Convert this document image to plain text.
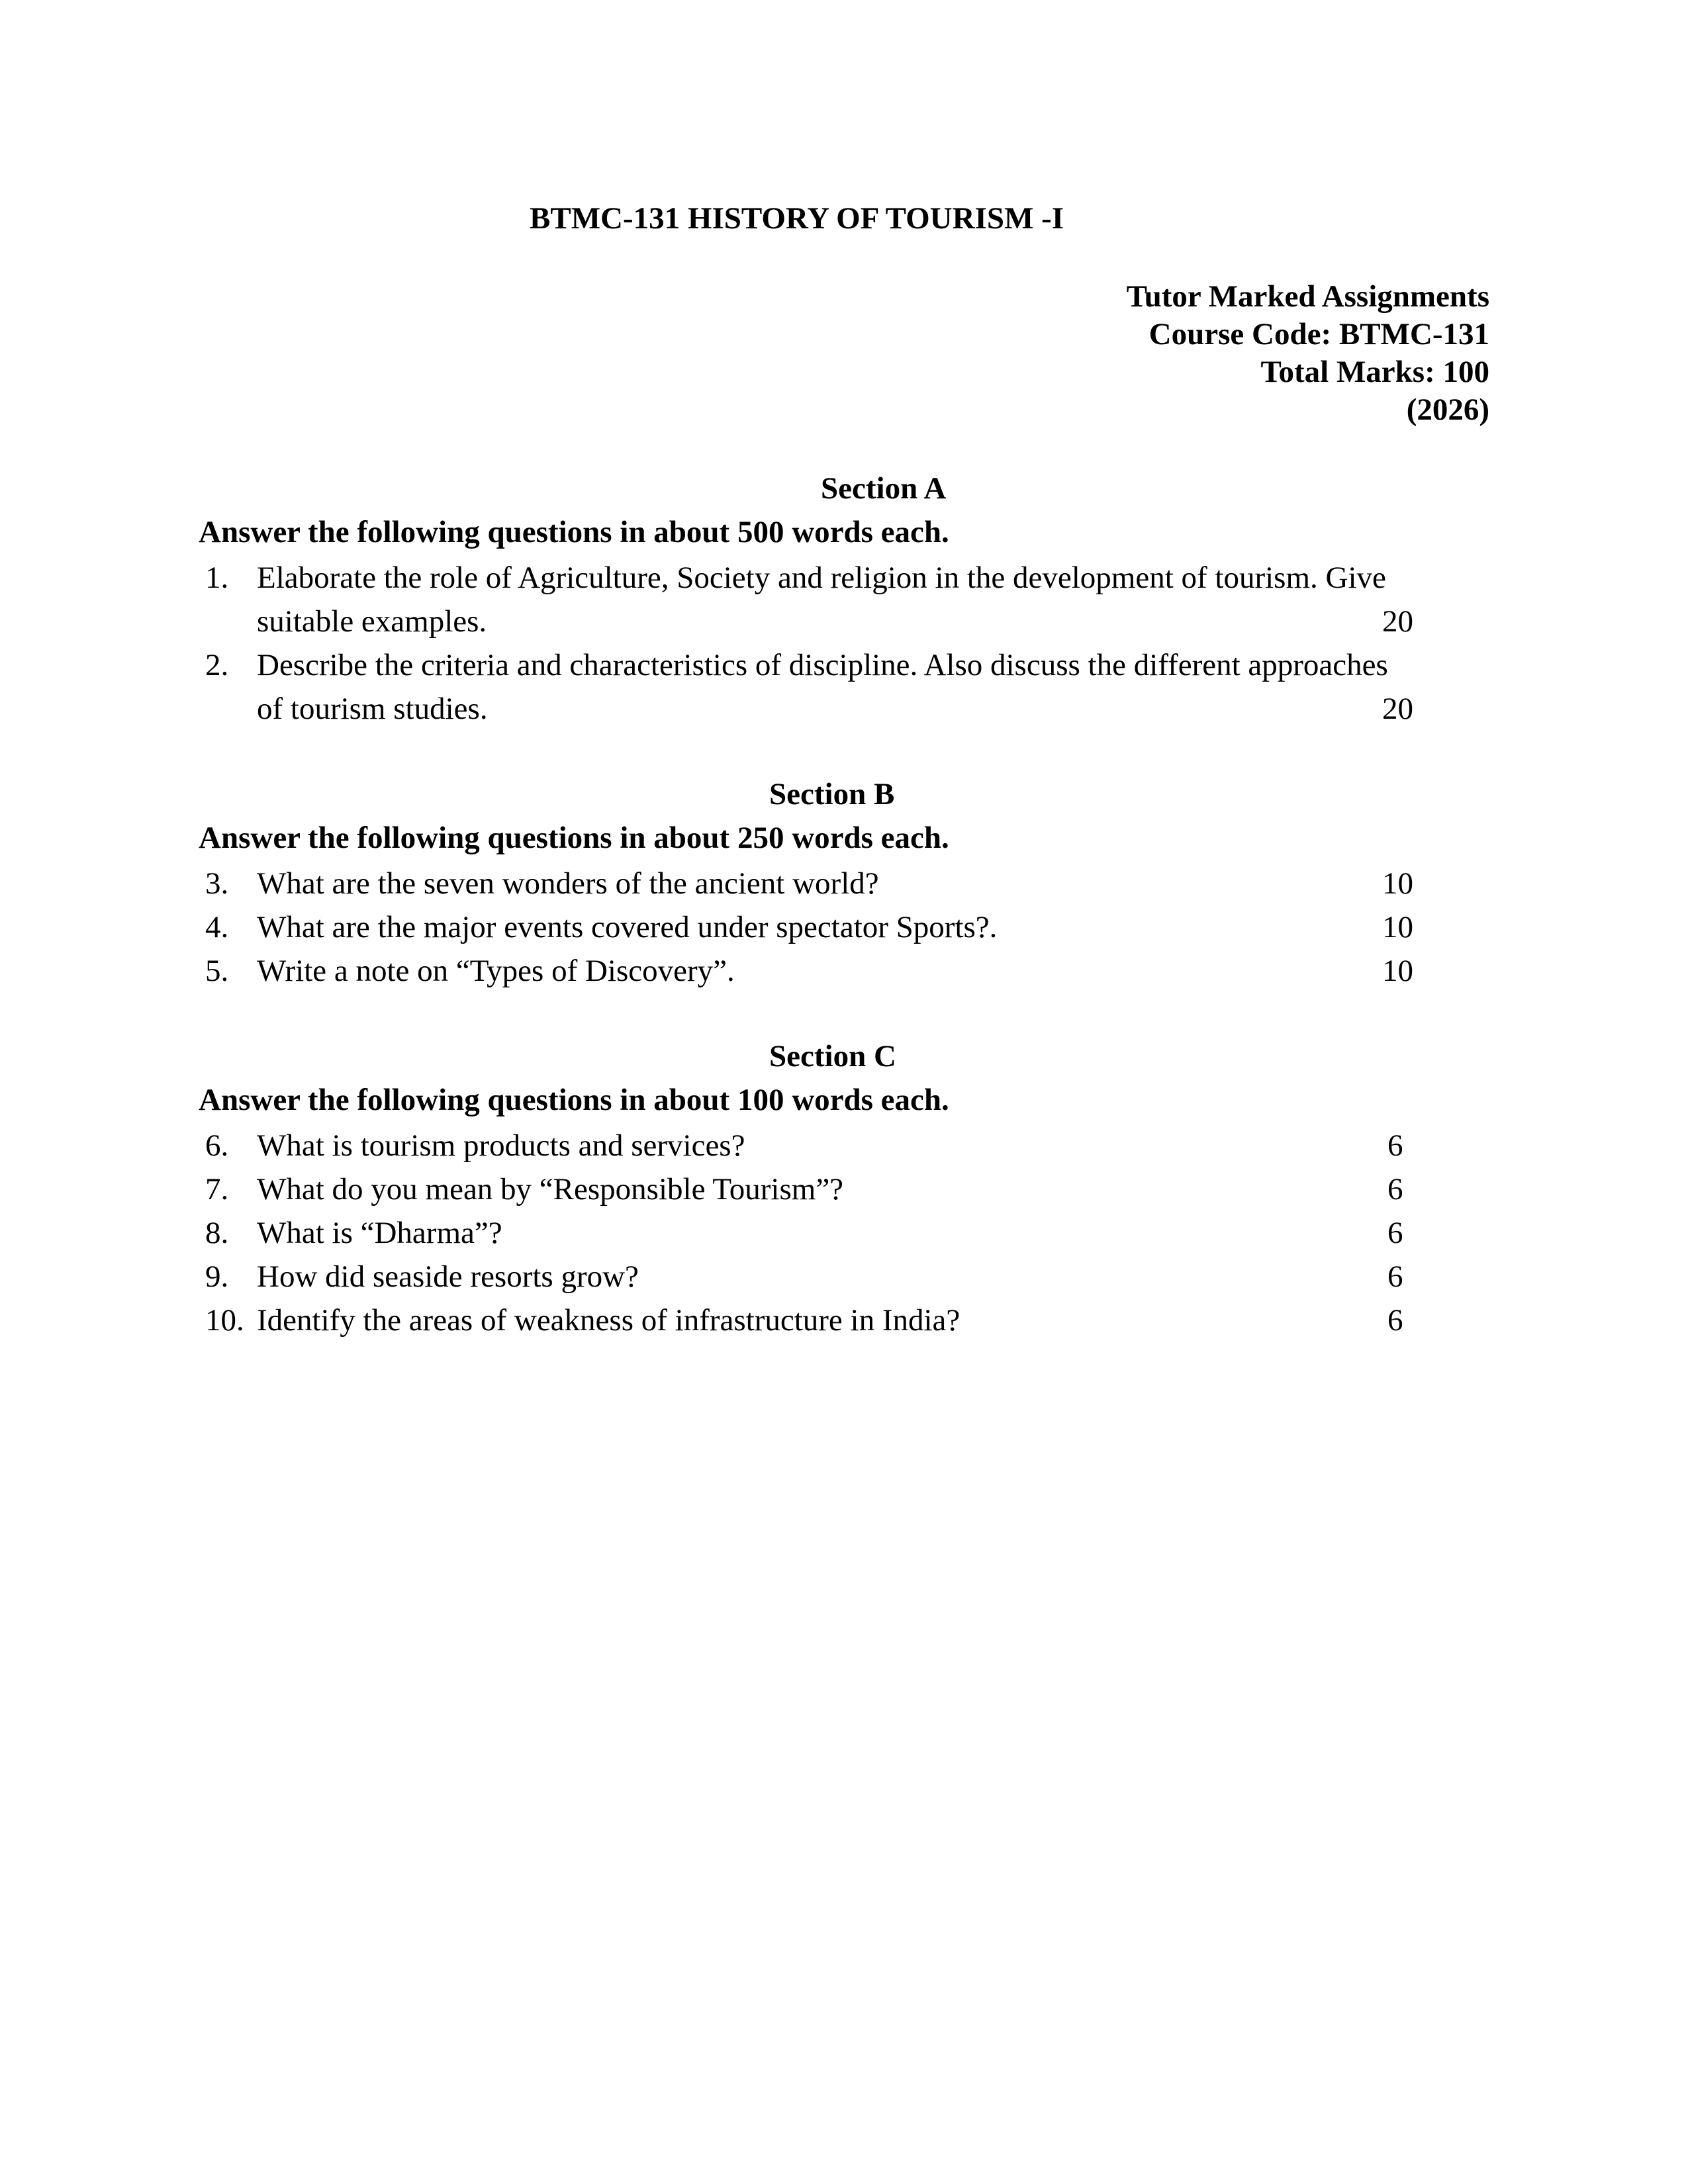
BTMC-131 HISTORY OF TOURISM -I
Tutor Marked Assignments
Course Code: BTMC-131
Total Marks: 100
(2026)
Section A
Answer the following questions in about 500 words each.
1. Elaborate the role of Agriculture, Society and religion in the development of tourism. Give
suitable examples.	20
2. Describe the criteria and characteristics of discipline. Also discuss the different approaches
of tourism studies.	20
Section B
Answer the following questions in about 250 words each.
3. What are the seven wonders of the ancient world?	10
4. What are the major events covered under spectator Sports?.	10
5. Write a note on “Types of Discovery”.	10
Section C
Answer the following questions in about 100 words each.
6. What is tourism products and services?	6
7. What do you mean by “Responsible Tourism”?	6
8. What is “Dharma”?	6
9. How did seaside resorts grow?	6
10. Identify the areas of weakness of infrastructure in India?	6
